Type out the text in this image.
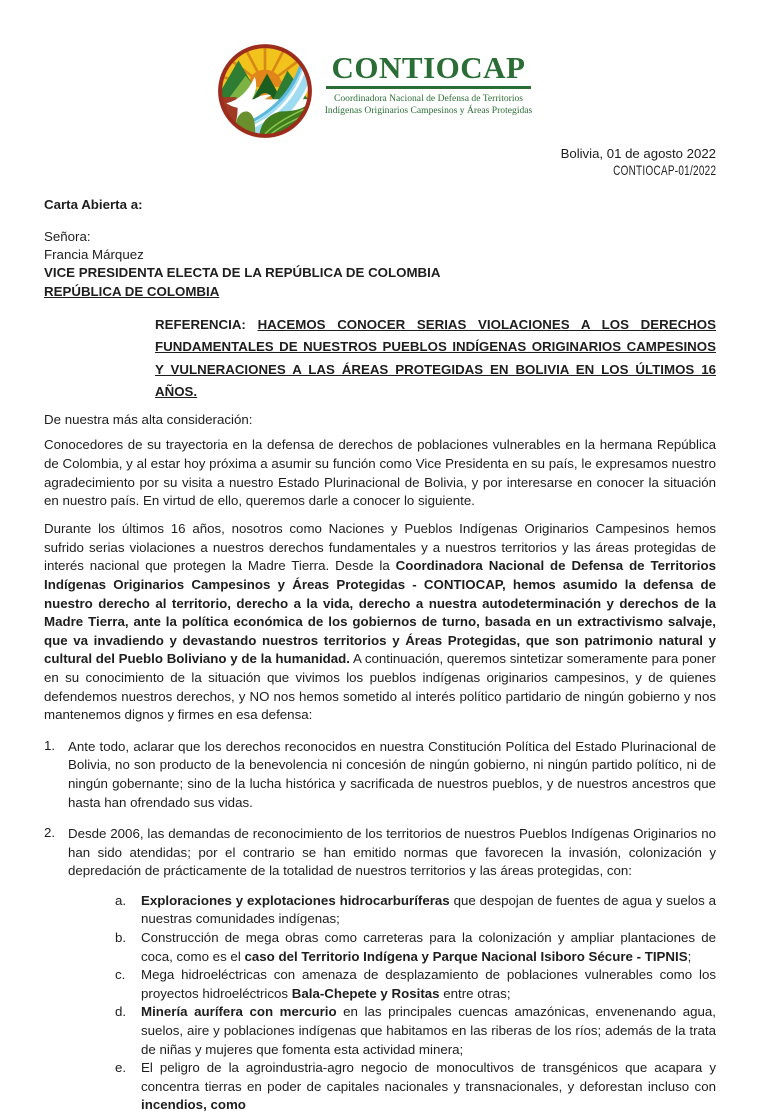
CONTIOCAP
Coordinadora Nacional de Defensa de Territorios
Indígenas Originarios Campesinos y Áreas Protegidas
Bolivia, 01 de agosto 2022
CONTIOCAP-01/2022
Carta Abierta a:
Señora:
Francia Márquez
VICE PRESIDENTA ELECTA DE LA REPÚBLICA DE COLOMBIA
REPÚBLICA DE COLOMBIA

REFERENCIA: HACEMOS CONOCER SERIAS VIOLACIONES A LOS DERECHOS FUNDAMENTALES DE NUESTROS PUEBLOS INDÍGENAS ORIGINARIOS CAMPESINOS Y VULNERACIONES A LAS ÁREAS PROTEGIDAS EN BOLIVIA EN LOS ÚLTIMOS 16 AÑOS.

De nuestra más alta consideración:

Conocedores de su trayectoria en la defensa de derechos de poblaciones vulnerables en la hermana República de Colombia, y al estar hoy próxima a asumir su función como Vice Presidenta en su país, le expresamos nuestro agradecimiento por su visita a nuestro Estado Plurinacional de Bolivia, y por interesarse en conocer la situación en nuestro país. En virtud de ello, queremos darle a conocer lo siguiente.

Durante los últimos 16 años, nosotros como Naciones y Pueblos Indígenas Originarios Campesinos hemos sufrido serias violaciones a nuestros derechos fundamentales y a nuestros territorios y las áreas protegidas de interés nacional que protegen la Madre Tierra. Desde la Coordinadora Nacional de Defensa de Territorios Indígenas Originarios Campesinos y Áreas Protegidas - CONTIOCAP, hemos asumido la defensa de nuestro derecho al territorio, derecho a la vida, derecho a nuestra autodeterminación y derechos de la Madre Tierra, ante la política económica de los gobiernos de turno, basada en un extractivismo salvaje, que va invadiendo y devastando nuestros territorios y Áreas Protegidas, que son patrimonio natural y cultural del Pueblo Boliviano y de la humanidad. A continuación, queremos sintetizar someramente para poner en su conocimiento de la situación que vivimos los pueblos indígenas originarios campesinos, y de quienes defendemos nuestros derechos, y NO nos hemos sometido al interés político partidario de ningún gobierno y nos mantenemos dignos y firmes en esa defensa:

1. Ante todo, aclarar que los derechos reconocidos en nuestra Constitución Política del Estado Plurinacional de Bolivia, no son producto de la benevolencia ni concesión de ningún gobierno, ni ningún partido político, ni de ningún gobernante; sino de la lucha histórica y sacrificada de nuestros pueblos, y de nuestros ancestros que hasta han ofrendado sus vidas.
2. Desde 2006, las demandas de reconocimiento de los territorios de nuestros Pueblos Indígenas Originarios no han sido atendidas; por el contrario se han emitido normas que favorecen la invasión, colonización y depredación de prácticamente de la totalidad de nuestros territorios y las áreas protegidas, con:
a.	Exploraciones y explotaciones hidrocarburíferas que despojan de fuentes de agua y suelos a nuestras comunidades indígenas;
b.	Construcción de mega obras como carreteras para la colonización y ampliar plantaciones de coca, como es el caso del Territorio Indígena y Parque Nacional Isiboro Sécure - TIPNIS;
c.	Mega hidroeléctricas con amenaza de desplazamiento de poblaciones vulnerables como los proyectos hidroeléctricos Bala-Chepete y Rositas entre otras;
d.	Minería aurífera con mercurio en las principales cuencas amazónicas, envenenando agua, suelos, aire y poblaciones indígenas que habitamos en las riberas de los ríos; además de la trata de niñas y mujeres que fomenta esta actividad minera;
e.	El peligro de la agroindustria-agro negocio de monocultivos de transgénicos que acapara y concentra tierras en poder de capitales nacionales y transnacionales, y deforestan incluso con incendios, como
